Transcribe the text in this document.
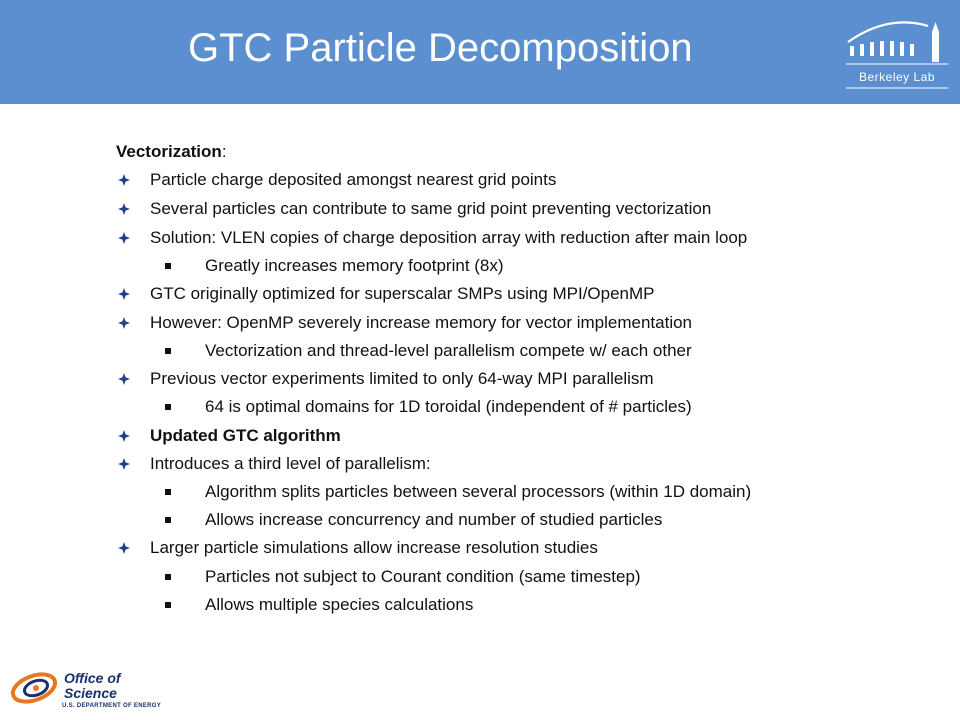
GTC Particle Decomposition
Berkeley Lab
Vectorization:
Particle charge deposited amongst nearest grid points
Several particles can contribute to same grid point preventing vectorization
Solution: VLEN copies of charge deposition array with reduction after main loop
Greatly increases memory footprint (8x)
GTC originally optimized for superscalar SMPs using MPI/OpenMP
However: OpenMP severely increase memory for vector implementation
Vectorization and thread-level parallelism compete w/ each other
Previous vector experiments limited to only 64-way MPI parallelism
64 is optimal domains for 1D toroidal (independent of # particles)
Updated GTC algorithm
Introduces a third level of parallelism:
Algorithm splits particles between several processors (within 1D domain)
Allows increase concurrency and number of studied particles
Larger particle simulations allow increase resolution studies
Particles not subject to Courant condition (same timestep)
Allows multiple species calculations
Office of
Science
U.S. DEPARTMENT OF ENERGY
